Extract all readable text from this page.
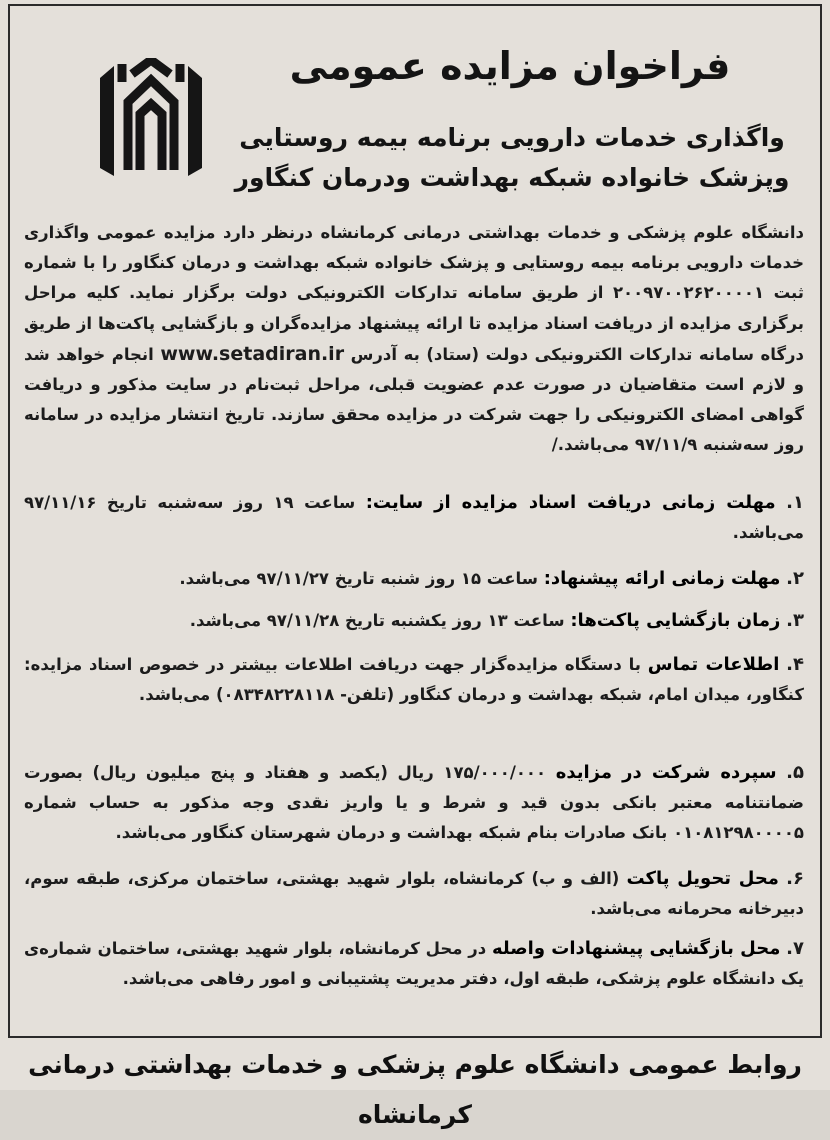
فراخوان مزایده عمومی
واگذاری خدمات دارویی برنامه بیمه روستایی
وپزشک خانواده شبکه بهداشت ودرمان کنگاور
دانشگاه علوم پزشکی و خدمات بهداشتی درمانی کرمانشاه درنظر دارد مزایده عمومی واگذاری خدمات دارویی برنامه بیمه روستایی و پزشک خانواده شبکه بهداشت و درمان کنگاور را با شماره ثبت ۲۰۰۹۷۰۰۲۶۲۰۰۰۰۱ از طریق سامانه تدارکات الکترونیکی دولت برگزار نماید. کلیه مراحل برگزاری مزایده از دریافت اسناد مزایده تا ارائه پیشنهاد مزایده‌گران و بازگشایی پاکت‌ها از طریق درگاه سامانه تدارکات الکترونیکی دولت (ستاد) به آدرس www.setadiran.ir انجام خواهد شد و لازم است متقاضیان در صورت عدم عضویت قبلی، مراحل ثبت‌نام در سایت مذکور و دریافت گواهی امضای الکترونیکی را جهت شرکت در مزایده محقق سازند. تاریخ انتشار مزایده در سامانه روز سه‌شنبه ۹۷/۱۱/۹ می‌باشد./
۱. مهلت زمانی دریافت اسناد مزایده از سایت: ساعت ۱۹ روز سه‌شنبه تاریخ ۹۷/۱۱/۱۶ می‌باشد.
۲. مهلت زمانی ارائه پیشنهاد: ساعت ۱۵ روز شنبه تاریخ ۹۷/۱۱/۲۷ می‌باشد.
۳. زمان بازگشایی پاکت‌ها: ساعت ۱۳ روز یکشنبه تاریخ ۹۷/۱۱/۲۸ می‌باشد.
۴. اطلاعات تماس با دستگاه مزایده‌گزار جهت دریافت اطلاعات بیشتر در خصوص اسناد مزایده: کنگاور، میدان امام، شبکه بهداشت و درمان کنگاور (تلفن- ۰۸۳۴۸۲۲۸۱۱۸) می‌باشد.
۵. سپرده شرکت در مزایده ۱۷۵/۰۰۰/۰۰۰ ریال (یکصد و هفتاد و پنج میلیون ریال) بصورت ضمانتنامه معتبر بانکی بدون قید و شرط و یا واریز نقدی وجه مذکور به حساب شماره ۰۱۰۸۱۲۹۸۰۰۰۰۵ بانک صادرات بنام شبکه بهداشت و درمان شهرستان کنگاور می‌باشد.
۶. محل تحویل پاکت (الف و ب) کرمانشاه، بلوار شهید بهشتی، ساختمان مرکزی، طبقه سوم، دبیرخانه محرمانه می‌باشد.
۷. محل بازگشایی پیشنهادات واصله در محل کرمانشاه، بلوار شهید بهشتی، ساختمان شماره‌ی یک دانشگاه علوم پزشکی، طبقه اول، دفتر مدیریت پشتیبانی و امور رفاهی می‌باشد.
روابط عمومی دانشگاه علوم پزشکی و خدمات بهداشتی درمانی کرمانشاه
